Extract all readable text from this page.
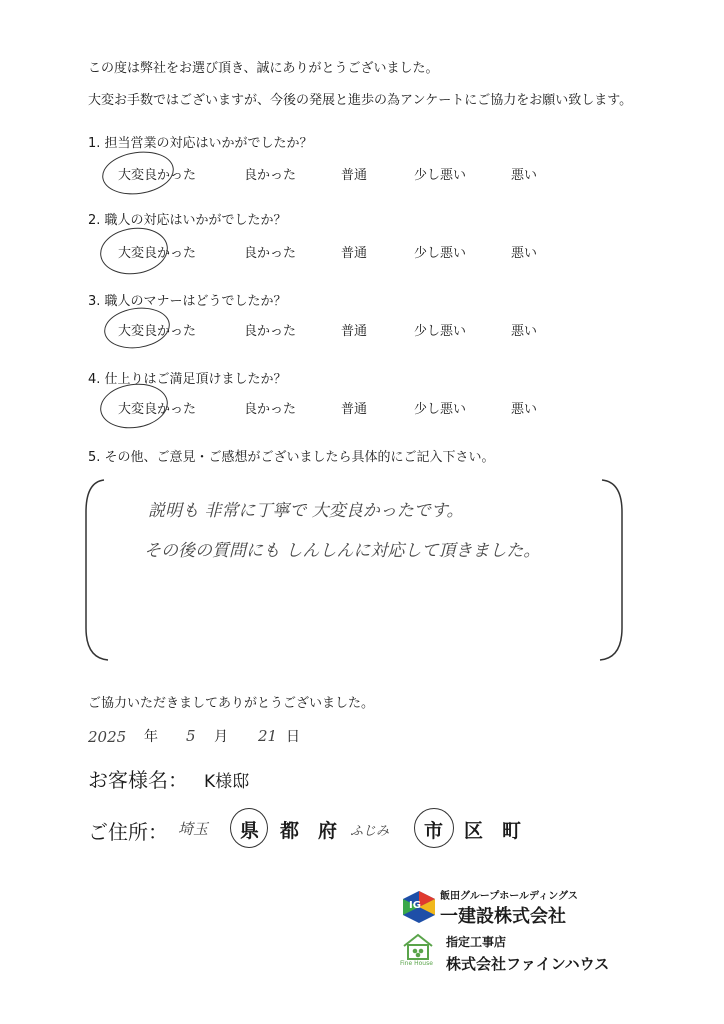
この度は弊社をお選び頂き、誠にありがとうございました。
大変お手数ではございますが、今後の発展と進歩の為アンケートにご協力をお願い致します。
1. 担当営業の対応はいかがでしたか？
大変良かった	良かった	普通	少し悪い	悪い
2. 職人の対応はいかがでしたか？
大変良かった	良かった	普通	少し悪い	悪い
3. 職人のマナーはどうでしたか？
大変良かった	良かった	普通	少し悪い	悪い
4. 仕上りはご満足頂けましたか？
大変良かった	良かった	普通	少し悪い	悪い
5. その他、ご意見・ご感想がございましたら具体的にご記入下さい。
説明も 非常に丁寧で 大変良かったです。
その後の質問にも しんしんに対応して頂きました。
ご協力いただきましてありがとうございました。
2025 年 5 月 21 日
お客様名： K様邸
ご住所： 埼玉 県 都 府 ふじみ 市 区 町
IG
飯田グループホールディングス
一建設株式会社
Fine House
指定工事店
株式会社ファインハウス
